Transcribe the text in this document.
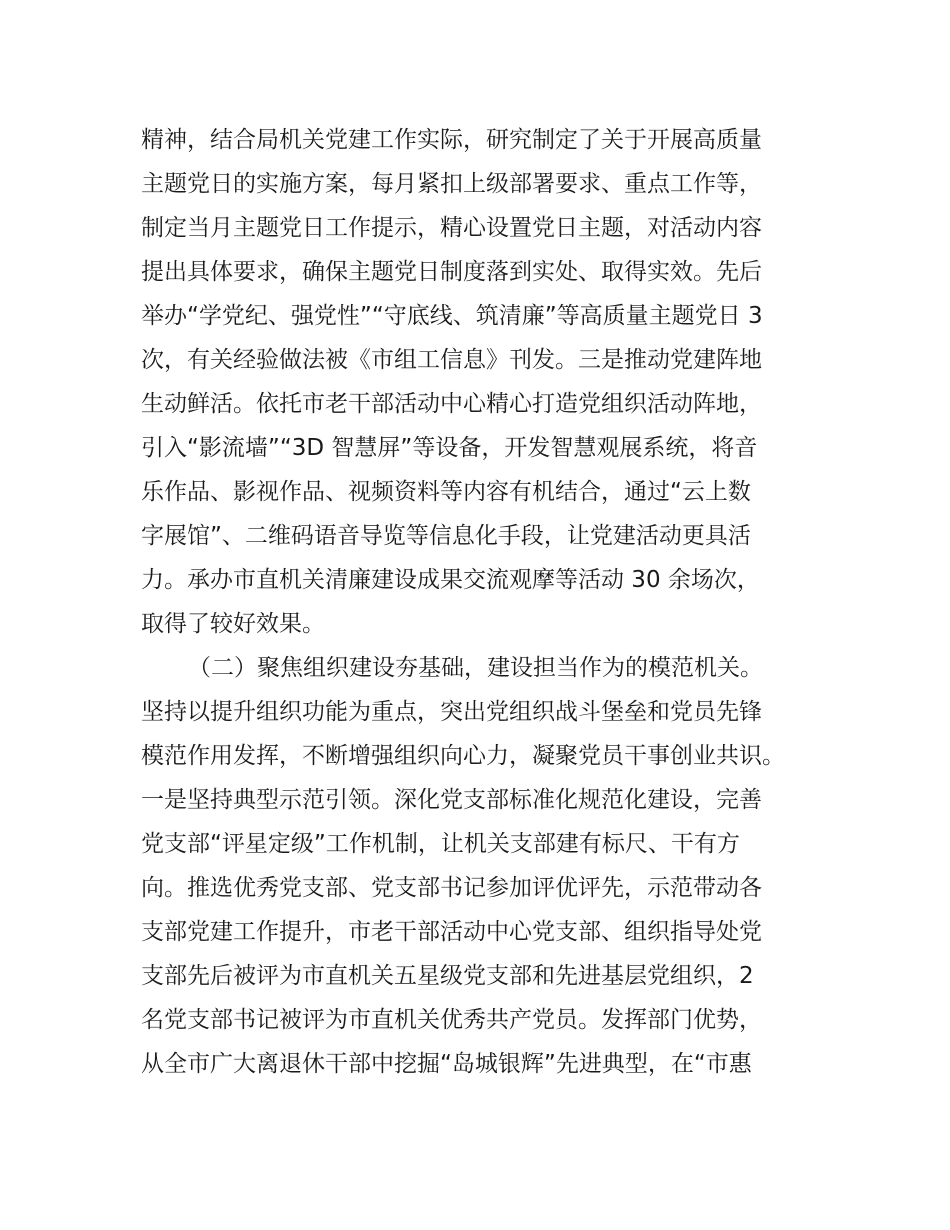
精神，结合局机关党建工作实际，研究制定了关于开展高质量
主题党日的实施方案，每月紧扣上级部署要求、重点工作等，
制定当月主题党日工作提示，精心设置党日主题，对活动内容
提出具体要求，确保主题党日制度落到实处、取得实效。先后
举办“学党纪、强党性”“守底线、筑清廉”等高质量主题党日 3
次，有关经验做法被《市组工信息》刊发。三是推动党建阵地
生动鲜活。依托市老干部活动中心精心打造党组织活动阵地，
引入“影流墙”“3D 智慧屏”等设备，开发智慧观展系统，将音
乐作品、影视作品、视频资料等内容有机结合，通过“云上数
字展馆”、二维码语音导览等信息化手段，让党建活动更具活
力。承办市直机关清廉建设成果交流观摩等活动 30 余场次，
取得了较好效果。
（二）聚焦组织建设夯基础，建设担当作为的模范机关。
坚持以提升组织功能为重点，突出党组织战斗堡垒和党员先锋
模范作用发挥，不断增强组织向心力，凝聚党员干事创业共识。
一是坚持典型示范引领。深化党支部标准化规范化建设，完善
党支部“评星定级”工作机制，让机关支部建有标尺、干有方
向。推选优秀党支部、党支部书记参加评优评先，示范带动各
支部党建工作提升，市老干部活动中心党支部、组织指导处党
支部先后被评为市直机关五星级党支部和先进基层党组织，2
名党支部书记被评为市直机关优秀共产党员。发挥部门优势，
从全市广大离退休干部中挖掘“岛城银辉”先进典型，在“市惠
